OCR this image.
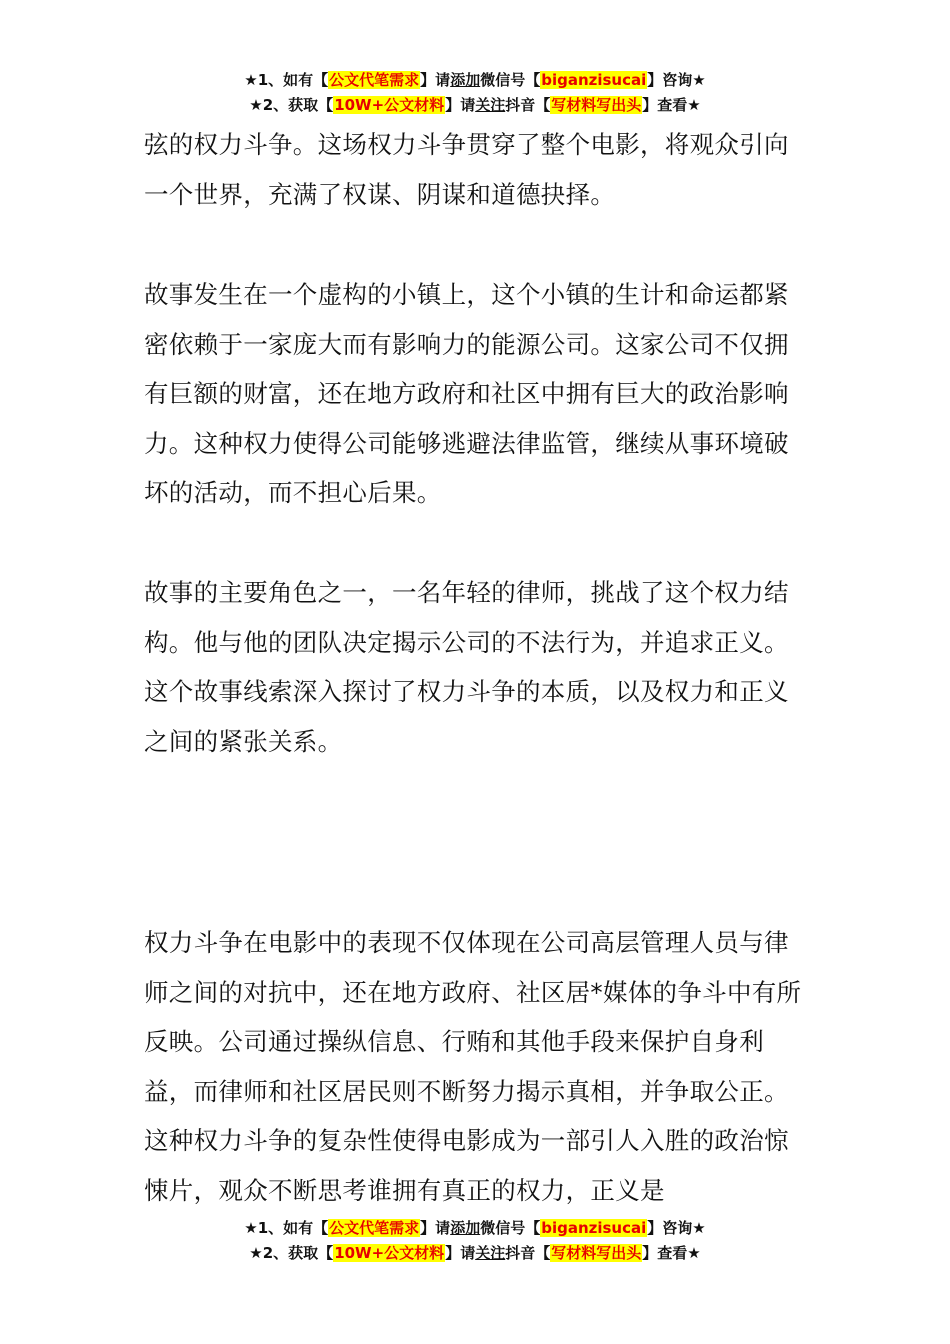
★1、如有【公文代笔需求】请添加微信号【biganzisucai】咨询★
★2、获取【10W+公文材料】请关注抖音【写材料写出头】查看★

弦的权力斗争。这场权力斗争贯穿了整个电影，将观众引向一个世界，充满了权谋、阴谋和道德抉择。

故事发生在一个虚构的小镇上，这个小镇的生计和命运都紧密依赖于一家庞大而有影响力的能源公司。这家公司不仅拥有巨额的财富，还在地方政府和社区中拥有巨大的政治影响力。这种权力使得公司能够逃避法律监管，继续从事环境破坏的活动，而不担心后果。

故事的主要角色之一，一名年轻的律师，挑战了这个权力结构。他与他的团队决定揭示公司的不法行为，并追求正义。这个故事线索深入探讨了权力斗争的本质，以及权力和正义之间的紧张关系。

权力斗争在电影中的表现不仅体现在公司高层管理人员与律师之间的对抗中，还在地方政府、社区居*媒体的争斗中有所反映。公司通过操纵信息、行贿和其他手段来保护自身利益，而律师和社区居民则不断努力揭示真相，并争取公正。这种权力斗争的复杂性使得电影成为一部引人入胜的政治惊悚片，观众不断思考谁拥有真正的权力，正义是

★1、如有【公文代笔需求】请添加微信号【biganzisucai】咨询★
★2、获取【10W+公文材料】请关注抖音【写材料写出头】查看★
